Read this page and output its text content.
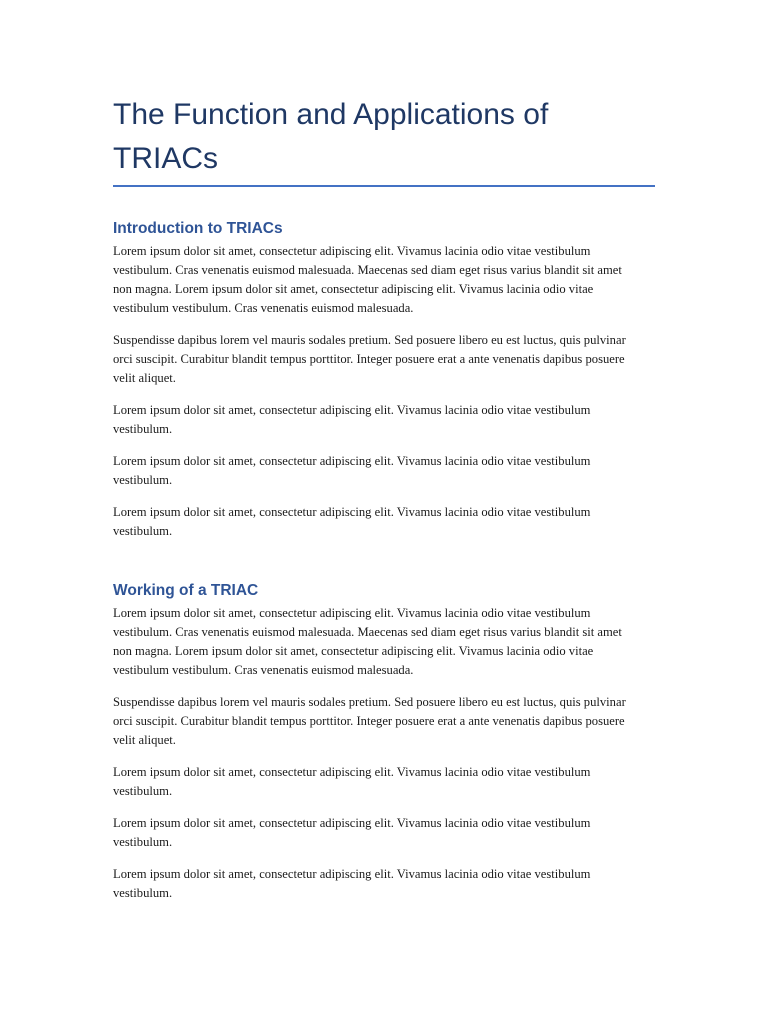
The Function and Applications of TRIACs
Introduction to TRIACs

Lorem ipsum dolor sit amet, consectetur adipiscing elit. Vivamus lacinia odio vitae vestibulum vestibulum. Cras venenatis euismod malesuada. Maecenas sed diam eget risus varius blandit sit amet non magna. Lorem ipsum dolor sit amet, consectetur adipiscing elit. Vivamus lacinia odio vitae vestibulum vestibulum. Cras venenatis euismod malesuada.

Suspendisse dapibus lorem vel mauris sodales pretium. Sed posuere libero eu est luctus, quis pulvinar orci suscipit. Curabitur blandit tempus porttitor. Integer posuere erat a ante venenatis dapibus posuere velit aliquet.

Lorem ipsum dolor sit amet, consectetur adipiscing elit. Vivamus lacinia odio vitae vestibulum vestibulum.

Lorem ipsum dolor sit amet, consectetur adipiscing elit. Vivamus lacinia odio vitae vestibulum vestibulum.

Lorem ipsum dolor sit amet, consectetur adipiscing elit. Vivamus lacinia odio vitae vestibulum vestibulum.

Working of a TRIAC

Lorem ipsum dolor sit amet, consectetur adipiscing elit. Vivamus lacinia odio vitae vestibulum vestibulum. Cras venenatis euismod malesuada. Maecenas sed diam eget risus varius blandit sit amet non magna. Lorem ipsum dolor sit amet, consectetur adipiscing elit. Vivamus lacinia odio vitae vestibulum vestibulum. Cras venenatis euismod malesuada.

Suspendisse dapibus lorem vel mauris sodales pretium. Sed posuere libero eu est luctus, quis pulvinar orci suscipit. Curabitur blandit tempus porttitor. Integer posuere erat a ante venenatis dapibus posuere velit aliquet.

Lorem ipsum dolor sit amet, consectetur adipiscing elit. Vivamus lacinia odio vitae vestibulum vestibulum.

Lorem ipsum dolor sit amet, consectetur adipiscing elit. Vivamus lacinia odio vitae vestibulum vestibulum.

Lorem ipsum dolor sit amet, consectetur adipiscing elit. Vivamus lacinia odio vitae vestibulum vestibulum.
